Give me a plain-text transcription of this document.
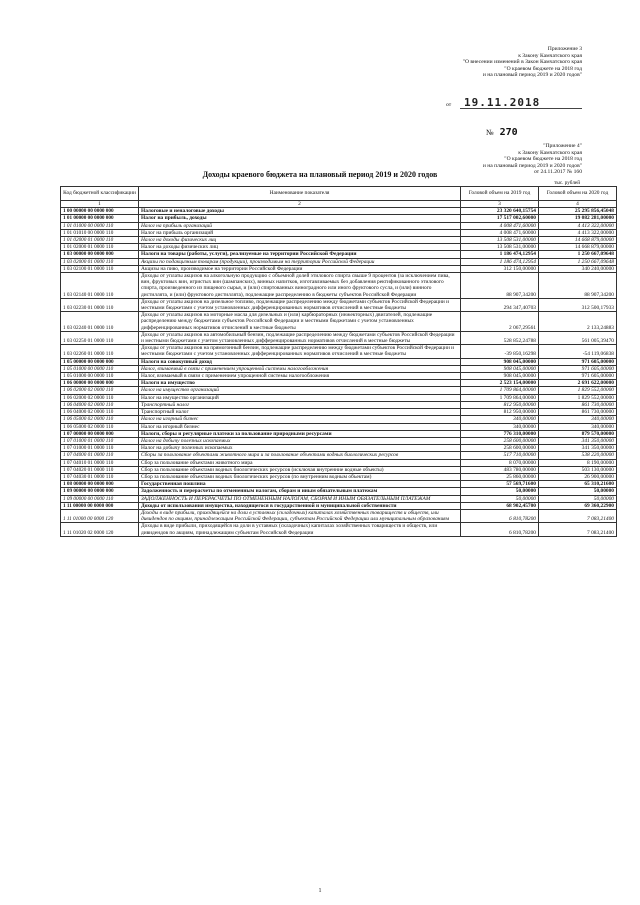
Приложение 3
к Закону Камчатского края
"О внесении изменений в Закон Камчатского края
"О краевом бюджете на 2018 год
и на плановый период 2019 и 2020 годов"
от 19.11.2018
№ 270
"Приложение 4"
к Закону Камчатского края
"О краевом бюджете на 2018 год
и на плановый период 2019 и 2020 годов"
от 24.11.2017 № 160
Доходы краевого бюджета на плановый период 2019 и 2020 годов
тыс. рублей
Код бюджетной классификации	Наименование показателя	Головой объем на 2019 год	Головой объем на 2020 год
1	2	3	4
1 00 00000 00 0000 000	Налоговые и неналоговые доходы	23 320 640,15754	25 295 856,45048
1 01 00000 00 0000 000	Налог на прибыль, доходы	17 517 002,60000	19 082 281,00000
1 01 01000 00 0000 110	Налог на прибыль организаций	4 008 471,60000	4 413 322,00000
1 01 01010 00 0000 110	Налог на прибыль организаций	4 008 471,60000	4 413 322,00000
1 01 02000 01 0000 110	Налог на доходы физических лиц	13 508 531,00000	14 668 879,00000
1 01 02000 01 0000 110	Налог на доходы физических лиц	13 508 531,00000	14 668 879,00000
1 03 00000 00 0000 000	Налоги на товары (работы, услуги), реализуемые на территории Российской Федерации	1 186 474,12954	1 250 667,09648
1 03 02000 01 0000 110	Акцизы по подакцизным товарам (продукции), производимым на территории Российской Федерации	1 186 474,12954	1 250 667,09648
1 03 02100 01 0000 110	Акцизы на пиво, производимое на территории Российской Федерации	312 150,00000	340 240,00000
1 03 02140 01 0000 110	Доходы от уплаты акцизов на алкогольную продукцию с объемной долей этилового спирта свыше 9 процентов (за исключением пива, вин, фруктовых вин, игристых вин (шампанских), винных напитков, изготавливаемых без добавления ректификованного этилового спирта, произведенного из пищевого сырья, и (или) спиртованных виноградного или иного фруктового сусла, и (или) винного дистиллята, и (или) фруктового дистиллята), подлежащие распределению в бюджеты субъектов Российской Федерации	88 907,34200	88 907,34200
1 03 02230 01 0000 110	Доходы от уплаты акцизов на дизельное топливо, подлежащие распределению между бюджетами субъектов Российской Федерации и местными бюджетами с учетом установленных дифференцированных нормативов отчислений в местные бюджеты	294 347,40703	312 500,17933
1 03 02240 01 0000 110	Доходы от уплаты акцизов на моторные масла для дизельных и (или) карбюраторных (инжекторных) двигателей, подлежащие распределению между бюджетами субъектов Российской Федерации и местными бюджетами с учетом установленных дифференцированных нормативов отчислений в местные бюджеты	2 067,29561	2 133,24883
1 03 02250 01 0000 110	Доходы от уплаты акцизов на автомобильный бензин, подлежащие распределению между бюджетами субъектов Российской Федерации и местными бюджетами с учетом установленных дифференцированных нормативов отчислений в местные бюджеты	528 852,24788	561 005,39470
1 03 02260 01 0000 110	Доходы от уплаты акцизов на прямогонный бензин, подлежащие распределению между бюджетами субъектов Российской Федерации и местными бюджетами с учетом установленных дифференцированных нормативов отчислений в местные бюджеты	-39 850,16298	-54 119,06838
1 05 00000 00 0000 000	Налоги на совокупный доход	908 045,00000	971 605,00000
1 05 01000 00 0000 110	Налог, взимаемый в связи с применением упрощенной системы налогообложения	908 045,00000	971 605,00000
1 05 01000 00 0000 110	Налог, взимаемый в связи с применением упрощенной системы налогообложения	908 045,00000	971 605,00000
1 06 00000 00 0000 000	Налоги на имущество	2 523 154,00000	2 691 622,00000
1 06 02000 02 0000 110	Налог на имущество организаций	1 709 864,00000	1 829 552,00000
1 06 02000 02 0000 110	Налог на имущество организаций	1 709 864,00000	1 829 552,00000
1 06 04000 02 0000 110	Транспортный налог	812 950,00000	861 730,00000
1 06 04000 02 0000 110	Транспортный налог	812 950,00000	861 730,00000
1 06 05000 02 0000 110	Налог на игорный бизнес	340,00000	340,00000
1 06 05000 02 0000 110	Налог на игорный бизнес	340,00000	340,00000
1 07 00000 00 0000 000	Налоги, сборы и регулярные платежи за пользование природными ресурсами	776 310,00000	879 570,00000
1 07 01000 01 0000 110	Налог на добычу полезных ископаемых	258 600,00000	341 350,00000
1 07 01000 01 0000 110	Налог на добычу полезных ископаемых	258 600,00000	341 350,00000
1 07 04000 01 0000 110	Сборы за пользование объектами животного мира и за пользование объектами водных биологических ресурсов	517 710,00000	538 220,00000
1 07 04010 01 0000 110	Сбор за пользование объектами животного мира	8 070,00000	8 190,00000
1 07 04020 01 0000 110	Сбор за пользование объектами водных биологических ресурсов (исключая внутренние водные объекты)	483 780,00000	503 130,00000
1 07 04030 01 0000 110	Сбор за пользование объектами водных биологических ресурсов (по внутренним водным объектам)	25 860,00000	26 900,00000
1 08 00000 00 0000 000	Государственная пошлина	57 569,71600	65 310,21600
1 09 00000 00 0000 000	Задолженность и перерасчеты по отмененным налогам, сборам и иным обязательным платежам	50,00000	50,00000
1 09 00000 00 0000 110	ЗАДОЛЖЕННОСТЬ И ПЕРЕРАСЧЕТЫ ПО ОТМЕНЕННЫМ НАЛОГАМ, СБОРАМ И ИНЫМ ОБЯЗАТЕЛЬНЫМ ПЛАТЕЖАМ	50,00000	50,00000
1 11 00000 00 0000 000	Доходы от использования имущества, находящегося в государственной и муниципальной собственности	68 902,45700	69 360,22900
1 11 01000 00 0000 120	Доходы в виде прибыли, приходящейся на доли в уставных (складочных) капиталах хозяйственных товариществ и обществ, или дивидендов по акциям, принадлежащим Российской Федерации, субъектам Российской Федерации или муниципальным образованиям	6 810,78200	7 083,21400
1 11 01020 02 0000 120	Доходы в виде прибыли, приходящейся на доли в уставных (складочных) капиталах хозяйственных товариществ и обществ, или дивидендов по акциям, принадлежащим субъектам Российской Федерации	6 810,78200	7 083,21400
1
